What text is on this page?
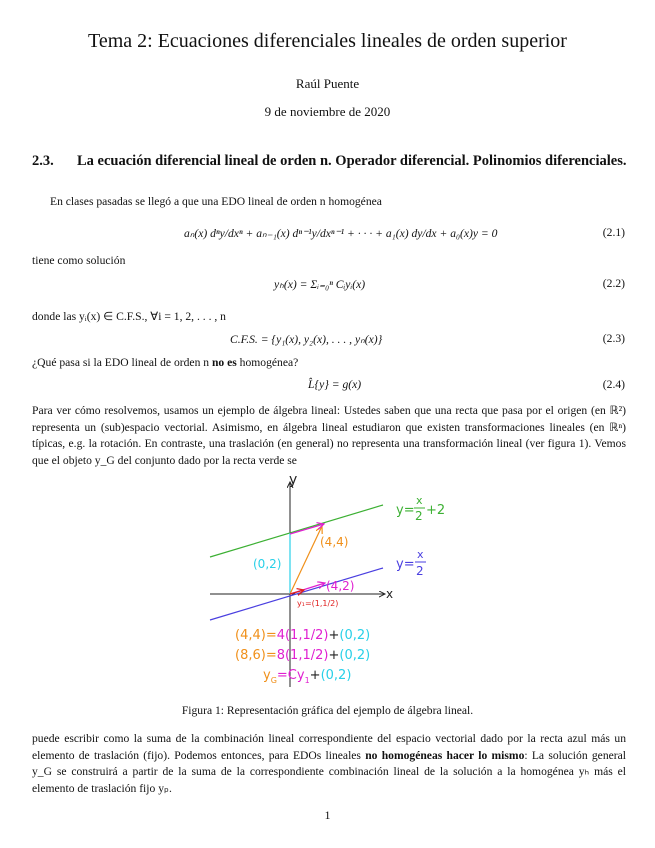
Tema 2: Ecuaciones diferenciales lineales de orden superior
Raúl Puente
9 de noviembre de 2020
2.3. La ecuación diferencial lineal de orden n. Operador diferencial. Polinomios diferenciales.
En clases pasadas se llegó a que una EDO lineal de orden n homogénea
aₙ(x) dⁿy/dxⁿ + aₙ₋₁(x) dⁿ⁻¹y/dxⁿ⁻¹ + · · · + a₁(x) dy/dx + a₀(x)y = 0	(2.1)
tiene como solución
yₕ(x) = Σᵢ₌₀ⁿ Cᵢyᵢ(x)	(2.2)
donde las yᵢ(x) ∈ C.F.S., ∀i = 1, 2, . . . , n
C.F.S. = {y₁(x), y₂(x), . . . , yₙ(x)}	(2.3)
¿Qué pasa si la EDO lineal de orden n no es homogénea?
L̂{y} = g(x)	(2.4)
Para ver cómo resolvemos, usamos un ejemplo de álgebra lineal: Ustedes saben que una recta que pasa por el origen (en ℝ²) representa un (sub)espacio vectorial. Asimismo, en álgebra lineal estudiaron que existen transformaciones lineales (en ℝⁿ) típicas, e.g. la rotación. En contraste, una traslación (en general) no representa una transformación lineal (ver figura 1). Vemos que el objeto y_G del conjunto dado por la recta verde se
y
x
(4,4)
(0,2)
(4,2)
y₁=(1,1/2)
y=
x
2 +2
y=
x
2
(4,4)=4(1,1/2)+(0,2)
(8,6)=8(1,1/2)+(0,2)
$y_G=Cy_1+(0,2)$
Figura 1: Representación gráfica del ejemplo de álgebra lineal.
puede escribir como la suma de la combinación lineal correspondiente del espacio vectorial dado por la recta azul más un elemento de traslación (fijo). Podemos entonces, para EDOs lineales no homogéneas hacer lo mismo: La solución general y_G se construirá a partir de la suma de la correspondiente combinación lineal de la solución a la homogénea yₕ más el elemento de traslación fijo yₚ.
1
